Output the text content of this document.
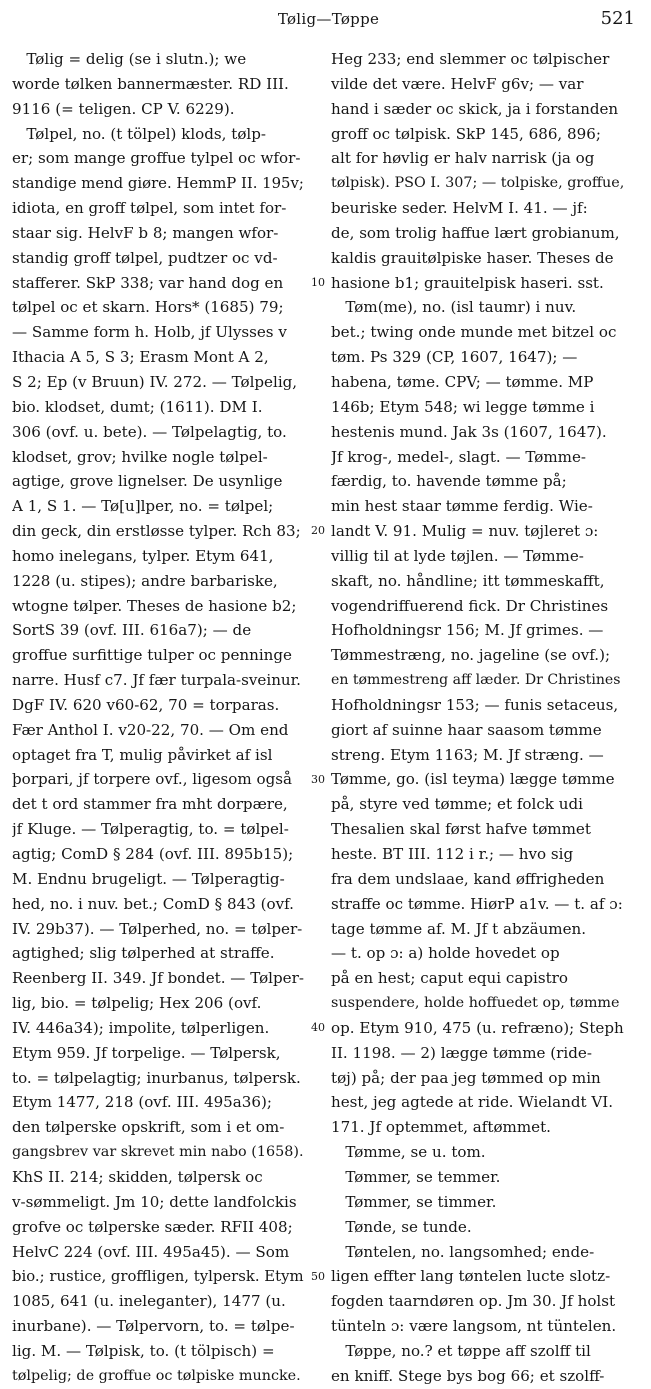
Tølig—Tøppe	521
Tølig = delig (se i slutn.); we
worde tølken bannermæster. RD III.
9116 (= teligen. CP V. 6229).
Tølpel, no. (t tölpel) klods, tølp-
er; som mange groffue tylpel oc wfor-
standige mend giøre. HemmP II. 195v;
idiota, en groff tølpel, som intet for-
staar sig. HelvF b 8; mangen wfor-
standig groff tølpel, pudtzer oc vd-
stafferer. SkP 338; var hand dog en
tølpel oc et skarn. Hors* (1685) 79;
— Samme form h. Holb, jf Ulysses v
Ithacia A 5, S 3; Erasm Mont A 2,
S 2; Ep (v Bruun) IV. 272. — Tølpelig,
bio. klodset, dumt; (1611). DM I.
306 (ovf. u. bete). — Tølpelagtig, to.
klodset, grov; hvilke nogle tølpel-
agtige, grove lignelser. De usynlige
A 1, S 1. — Tø[u]lper, no. = tølpel;
din geck, din erstløsse tylper. Rch 83;
homo inelegans, tylper. Etym 641,
1228 (u. stipes); andre barbariske,
wtogne tølper. Theses de hasione b2;
SortS 39 (ovf. III. 616a7); — de
groffue surfittige tulper oc penninge
narre. Husf c7. Jf fær turpala-sveinur.
DgF IV. 620 v60-62, 70 = torparas.
Fær Anthol I. v20-22, 70. — Om end
optaget fra T, mulig påvirket af isl
þorpari, jf torpere ovf., ligesom også
det t ord stammer fra mht dorpære,
jf Kluge. — Tølperagtig, to. = tølpel-
agtig; ComD § 284 (ovf. III. 895b15);
M. Endnu brugeligt. — Tølperagtig-
hed, no. i nuv. bet.; ComD § 843 (ovf.
IV. 29b37). — Tølperhed, no. = tølper-
agtighed; slig tølperhed at straffe.
Reenberg II. 349. Jf bondet. — Tølper-
lig, bio. = tølpelig; Hex 206 (ovf.
IV. 446a34); impolite, tølperligen.
Etym 959. Jf torpelige. — Tølpersk,
to. = tølpelagtig; inurbanus, tølpersk.
Etym 1477, 218 (ovf. III. 495a36);
den tølperske opskrift, som i et om-
gangsbrev var skrevet min nabo (1658).
KhS II. 214; skidden, tølpersk oc
v-sømmeligt. Jm 10; dette landfolckis
grofve oc tølperske sæder. RFII 408;
HelvC 224 (ovf. III. 495a45). — Som
bio.; rustice, groffligen, tylpersk. Etym
1085, 641 (u. ineleganter), 1477 (u.
inurbane). — Tølpervorn, to. = tølpe-
lig. M. — Tølpisk, to. (t tölpisch) =
tølpelig; de groffue oc tølpiske muncke.
10
20
30
40
50
Heg 233; end slemmer oc tølpischer
vilde det være. HelvF g6v; — var
hand i sæder oc skick, ja i forstanden
groff oc tølpisk. SkP 145, 686, 896;
alt for høvlig er halv narrisk (ja og
tølpisk). PSO I. 307; — tolpiske, groffue,
beuriske seder. HelvM I. 41. — jf:
de, som trolig haffue lært grobianum,
kaldis grauitølpiske haser. Theses de
hasione b1; grauitelpisk haseri. sst.
Tøm(me), no. (isl taumr) i nuv.
bet.; twing onde munde met bitzel oc
tøm. Ps 329 (CP, 1607, 1647); —
habena, tøme. CPV; — tømme. MP
146b; Etym 548; wi legge tømme i
hestenis mund. Jak 3s (1607, 1647).
Jf krog-, medel-, slagt. — Tømme-
færdig, to. havende tømme på;
min hest staar tømme ferdig. Wie-
landt V. 91. Mulig = nuv. tøjleret ɔ:
villig til at lyde tøjlen. — Tømme-
skaft, no. håndline; itt tømmeskafft,
vogendriffuerend fick. Dr Christines
Hofholdningsr 156; M. Jf grimes. —
Tømmestræng, no. jageline (se ovf.);
en tømmestreng aff læder. Dr Christines
Hofholdningsr 153; — funis setaceus,
giort af suinne haar saasom tømme
streng. Etym 1163; M. Jf stræng. —
Tømme, go. (isl teyma) lægge tømme
på, styre ved tømme; et folck udi
Thesalien skal først hafve tømmet
heste. BT III. 112 i r.; — hvo sig
fra dem undslaae, kand øffrigheden
straffe oc tømme. HiørP a1v. — t. af ɔ:
tage tømme af. M. Jf t abzäumen.
— t. op ɔ: a) holde hovedet op
på en hest; caput equi capistro
suspendere, holde hoffuedet op, tømme
op. Etym 910, 475 (u. refræno); Steph
II. 1198. — 2) lægge tømme (ride-
tøj) på; der paa jeg tømmed op min
hest, jeg agtede at ride. Wielandt VI.
171. Jf optemmet, aftømmet.
Tømme, se u. tom.
Tømmer, se temmer.
Tømmer, se timmer.
Tønde, se tunde.
Tøntelen, no. langsomhed; ende-
ligen effter lang tøntelen lucte slotz-
fogden taarndøren op. Jm 30. Jf holst
tünteln ɔ: være langsom, nt tüntelen.
Tøppe, no.? et tøppe aff szolff til
en kniff. Stege bys bog 66; et szolff-
